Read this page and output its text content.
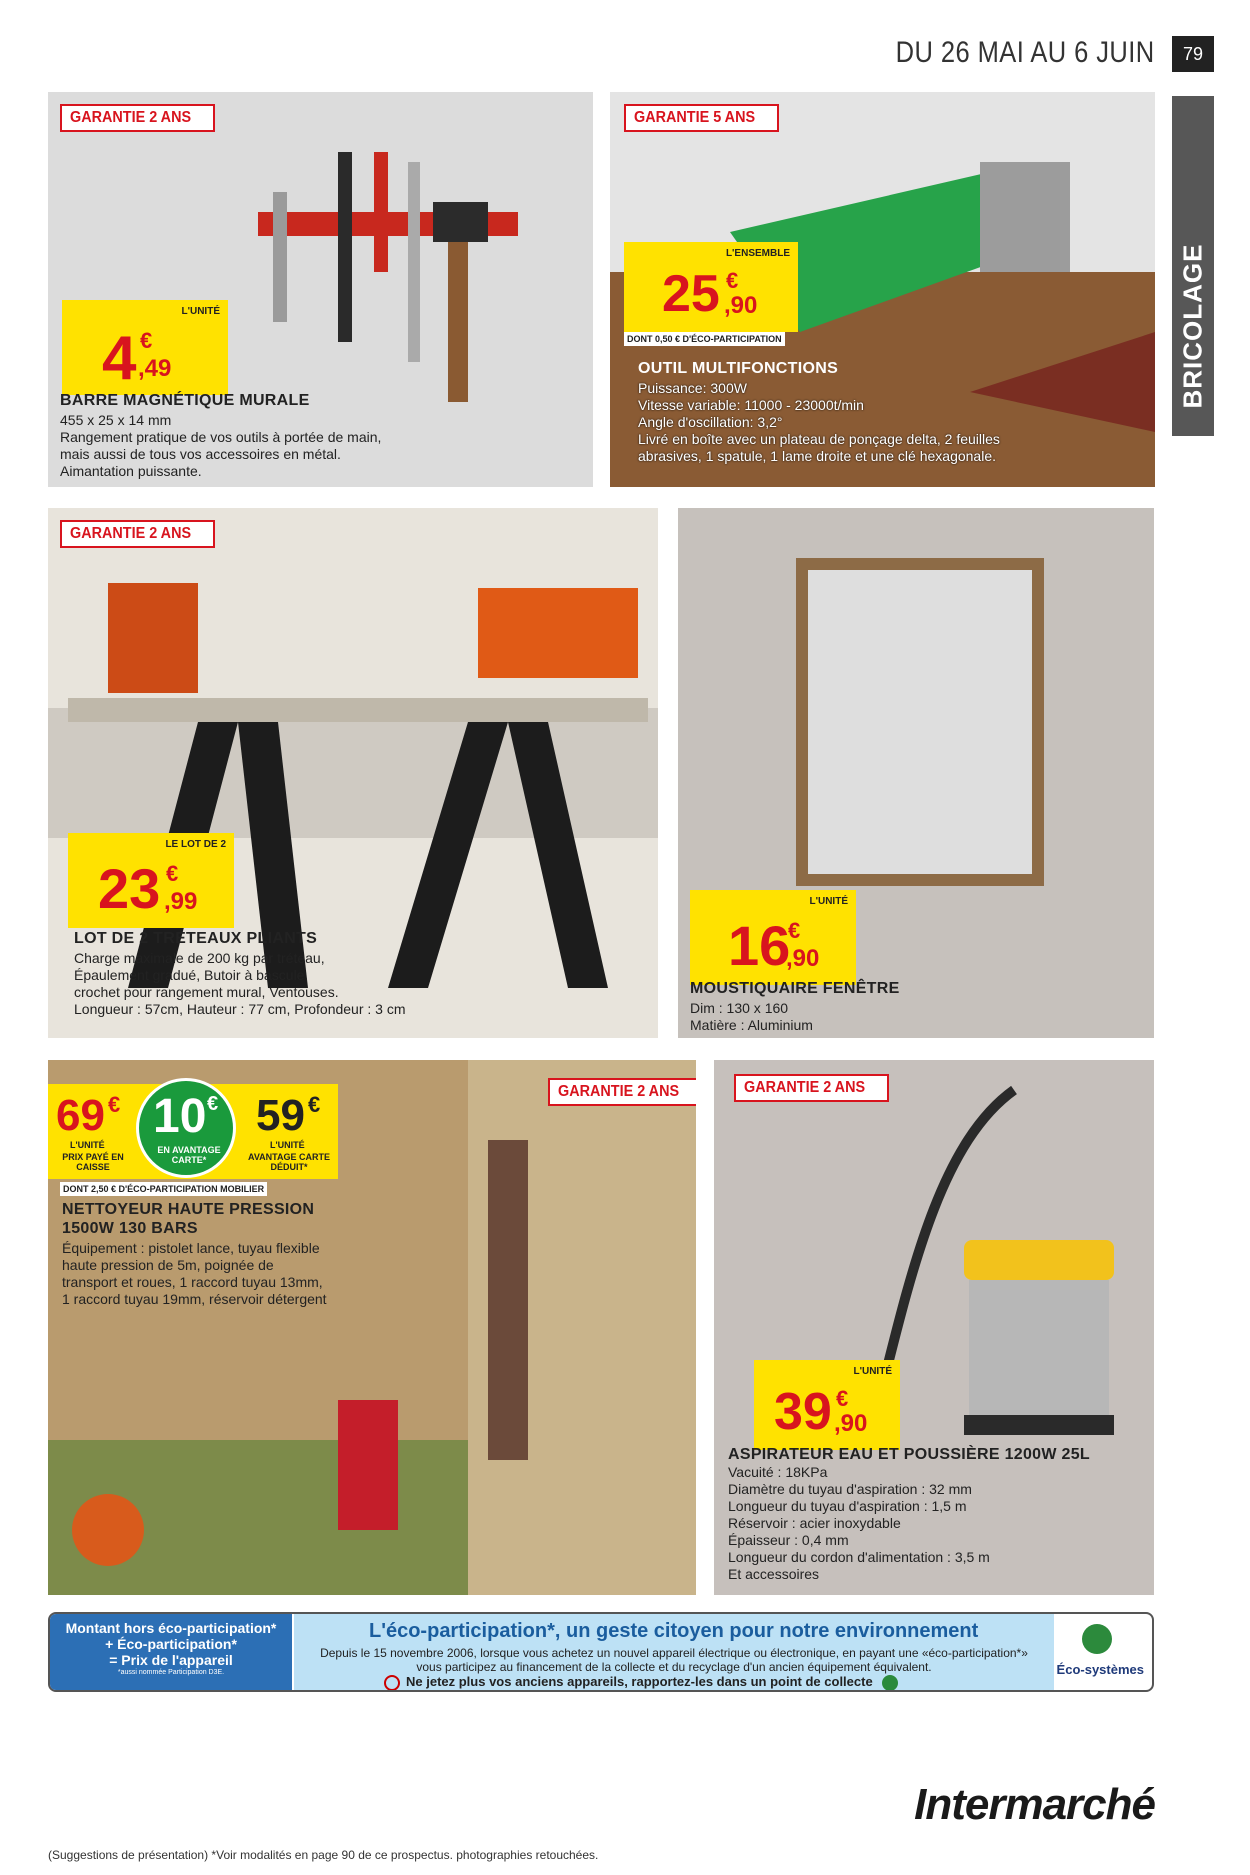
DU 26 MAI AU 6 JUIN	79
BRICOLAGE
GARANTIE 2 ANS
L'UNITÉ
4 €
,49
BARRE MAGNÉTIQUE MURALE
455 x 25 x 14 mm
Rangement pratique de vos outils à portée de main,
mais aussi de tous vos accessoires en métal.
Aimantation puissante.
GARANTIE 5 ANS
L'ENSEMBLE
25 €
,90
DONT 0,50 € D'ÉCO-PARTICIPATION
OUTIL MULTIFONCTIONS
Puissance: 300W
Vitesse variable: 11000 - 23000t/min
Angle d'oscillation: 3,2°
Livré en boîte avec un plateau de ponçage delta, 2 feuilles
abrasives, 1 spatule, 1 lame droite et une clé hexagonale.
GARANTIE 2 ANS
LE LOT DE 2
23 €
,99
LOT DE 2 TRETEAUX PLIANTS
Charge maximale de 200 kg par tréteau,
Épaulement gradué, Butoir à bascule,
crochet pour rangement mural, Ventouses.
Longueur : 57cm, Hauteur : 77 cm, Profondeur : 3 cm
L'UNITÉ
16
€
,90
MOUSTIQUAIRE FENÊTRE
Dim : 130 x 160
Matière : Aluminium
GARANTIE 2 ANS
69 €
L'UNITÉ
PRIX PAYÉ EN CAISSE
10 €
EN AVANTAGE CARTE*
59 €
L'UNITÉ
AVANTAGE CARTE DÉDUIT*
DONT 2,50 € D'ÉCO-PARTICIPATION MOBILIER
NETTOYEUR HAUTE PRESSION
1500W 130 BARS
Équipement : pistolet lance, tuyau flexible
haute pression de 5m, poignée de
transport et roues, 1 raccord tuyau 13mm,
1 raccord tuyau 19mm, réservoir détergent
GARANTIE 2 ANS
L'UNITÉ
39 €
,90
ASPIRATEUR EAU ET POUSSIÈRE 1200W 25L
Vacuité : 18KPa
Diamètre du tuyau d'aspiration : 32 mm
Longueur du tuyau d'aspiration : 1,5 m
Réservoir : acier inoxydable
Épaisseur : 0,4 mm
Longueur du cordon d'alimentation : 3,5 m
Et accessoires
Montant hors éco-participation*
+ Éco-participation*
= Prix de l'appareil
*aussi nommée Participation D3E.
L'éco-participation*, un geste citoyen pour notre environnement
Depuis le 15 novembre 2006, lorsque vous achetez un nouvel appareil électrique ou électronique, en payant une «éco-participation*» vous participez au financement de la collecte et du recyclage d'un ancien équipement équivalent.
Ne jetez plus vos anciens appareils, rapportez-les dans un point de collecte
Éco-systèmes
Intermarché
(Suggestions de présentation) *Voir modalités en page 90 de ce prospectus. photographies retouchées.
